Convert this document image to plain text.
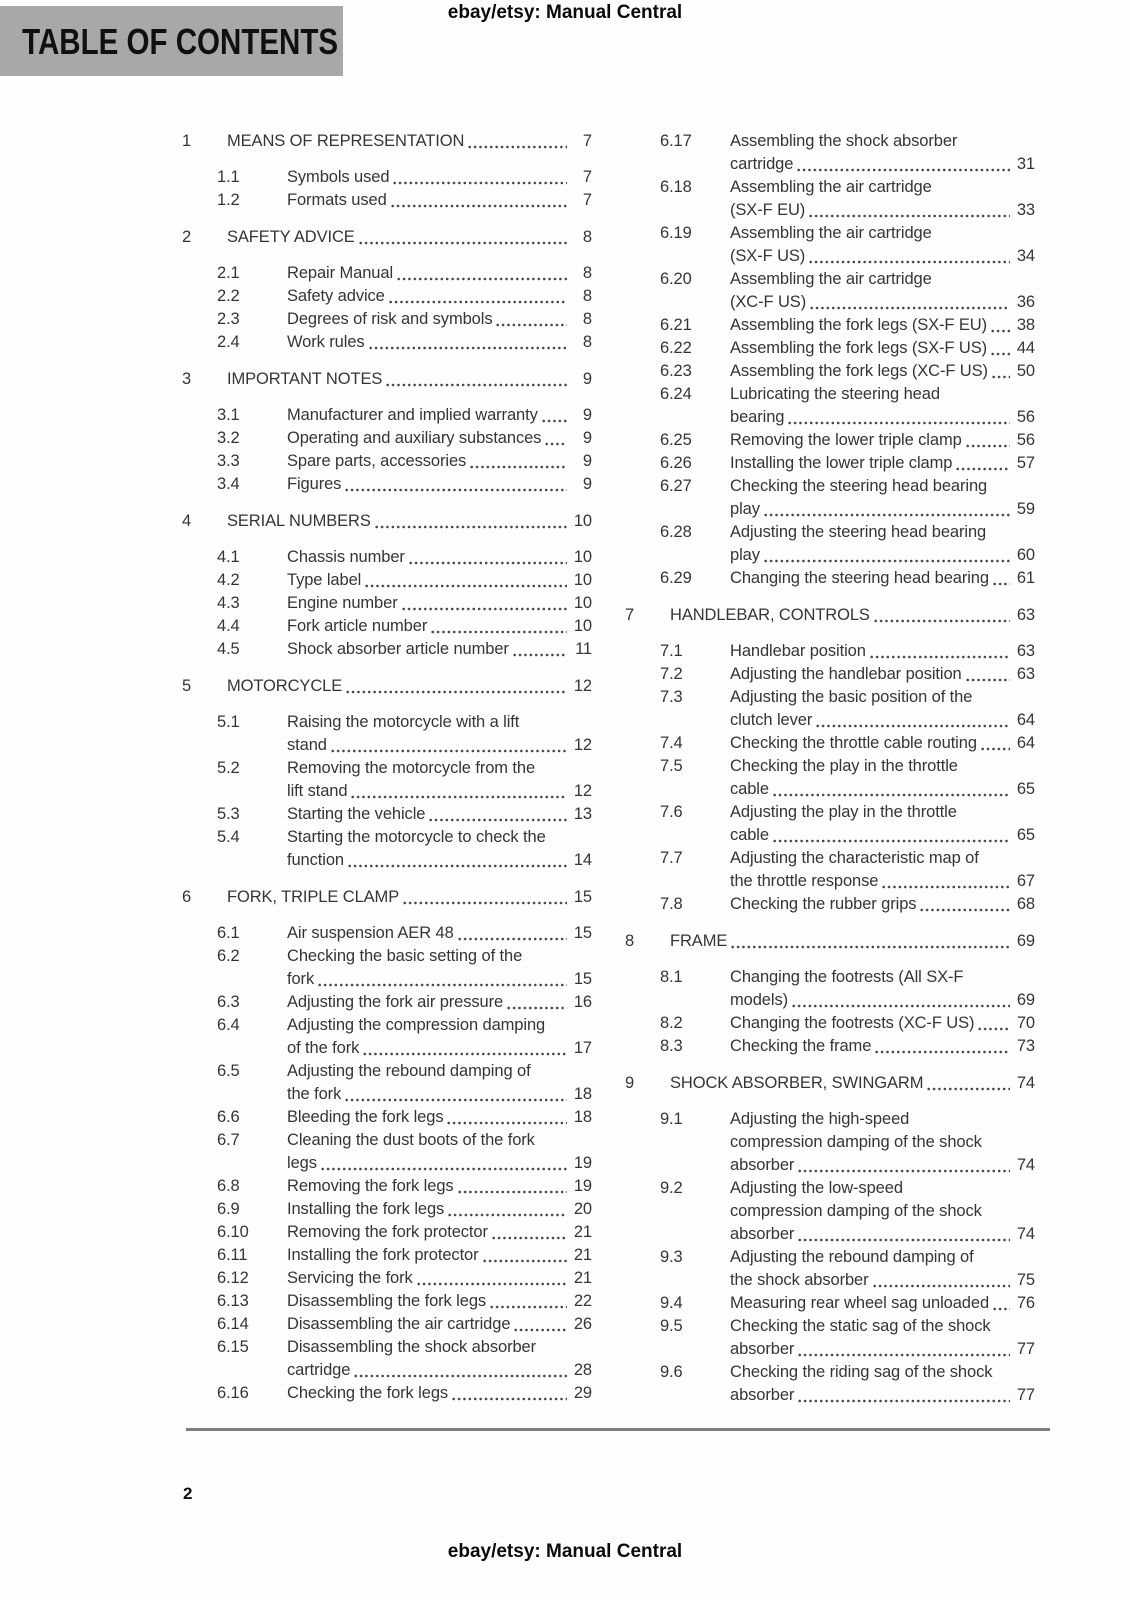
ebay/etsy: Manual Central
TABLE OF CONTENTS
1	MEANS OF REPRESENTATION	7
1.1	Symbols used	7
1.2	Formats used	7
2	SAFETY ADVICE	8
2.1	Repair Manual	8
2.2	Safety advice	8
2.3	Degrees of risk and symbols	8
2.4	Work rules	8
3	IMPORTANT NOTES	9
3.1	Manufacturer and implied warranty	9
3.2	Operating and auxiliary substances	9
3.3	Spare parts, accessories	9
3.4	Figures	9
4	SERIAL NUMBERS	10
4.1	Chassis number	10
4.2	Type label	10
4.3	Engine number	10
4.4	Fork article number	10
4.5	Shock absorber article number	11
5	MOTORCYCLE	12
5.1	Raising the motorcycle with a lift
stand	12
5.2	Removing the motorcycle from the
lift stand	12
5.3	Starting the vehicle	13
5.4	Starting the motorcycle to check the
function	14
6	FORK, TRIPLE CLAMP	15
6.1	Air suspension AER 48	15
6.2	Checking the basic setting of the
fork	15
6.3	Adjusting the fork air pressure	16
6.4	Adjusting the compression damping
of the fork	17
6.5	Adjusting the rebound damping of
the fork	18
6.6	Bleeding the fork legs	18
6.7	Cleaning the dust boots of the fork
legs	19
6.8	Removing the fork legs	19
6.9	Installing the fork legs	20
6.10	Removing the fork protector	21
6.11	Installing the fork protector	21
6.12	Servicing the fork	21
6.13	Disassembling the fork legs	22
6.14	Disassembling the air cartridge	26
6.15	Disassembling the shock absorber
cartridge	28
6.16	Checking the fork legs	29
6.17	Assembling the shock absorber
cartridge	31
6.18	Assembling the air cartridge
(SX-F EU)	33
6.19	Assembling the air cartridge
(SX-F US)	34
6.20	Assembling the air cartridge
(XC-F US)	36
6.21	Assembling the fork legs (SX-F EU) 38
6.22	Assembling the fork legs (SX-F US) 44
6.23	Assembling the fork legs (XC-F US) 50
6.24	Lubricating the steering head
bearing	56
6.25	Removing the lower triple clamp	56
6.26	Installing the lower triple clamp	57
6.27	Checking the steering head bearing
play	59
6.28	Adjusting the steering head bearing
play	60
6.29	Changing the steering head bearing 61
7	HANDLEBAR, CONTROLS	63
7.1	Handlebar position	63
7.2	Adjusting the handlebar position	63
7.3	Adjusting the basic position of the
clutch lever	64
7.4	Checking the throttle cable routing 64
7.5	Checking the play in the throttle
cable	65
7.6	Adjusting the play in the throttle
cable	65
7.7	Adjusting the characteristic map of
the throttle response	67
7.8	Checking the rubber grips	68
8	FRAME	69
8.1	Changing the footrests (All SX-F
models)	69
8.2	Changing the footrests (XC-F US)	70
8.3	Checking the frame	73
9	SHOCK ABSORBER, SWINGARM	74
9.1	Adjusting the high-speed
compression damping of the shock
absorber	74
9.2	Adjusting the low-speed
compression damping of the shock
absorber	74
9.3	Adjusting the rebound damping of
the shock absorber	75
9.4	Measuring rear wheel sag unloaded 76
9.5	Checking the static sag of the shock
absorber	77
9.6	Checking the riding sag of the shock
absorber	77
2
ebay/etsy: Manual Central
